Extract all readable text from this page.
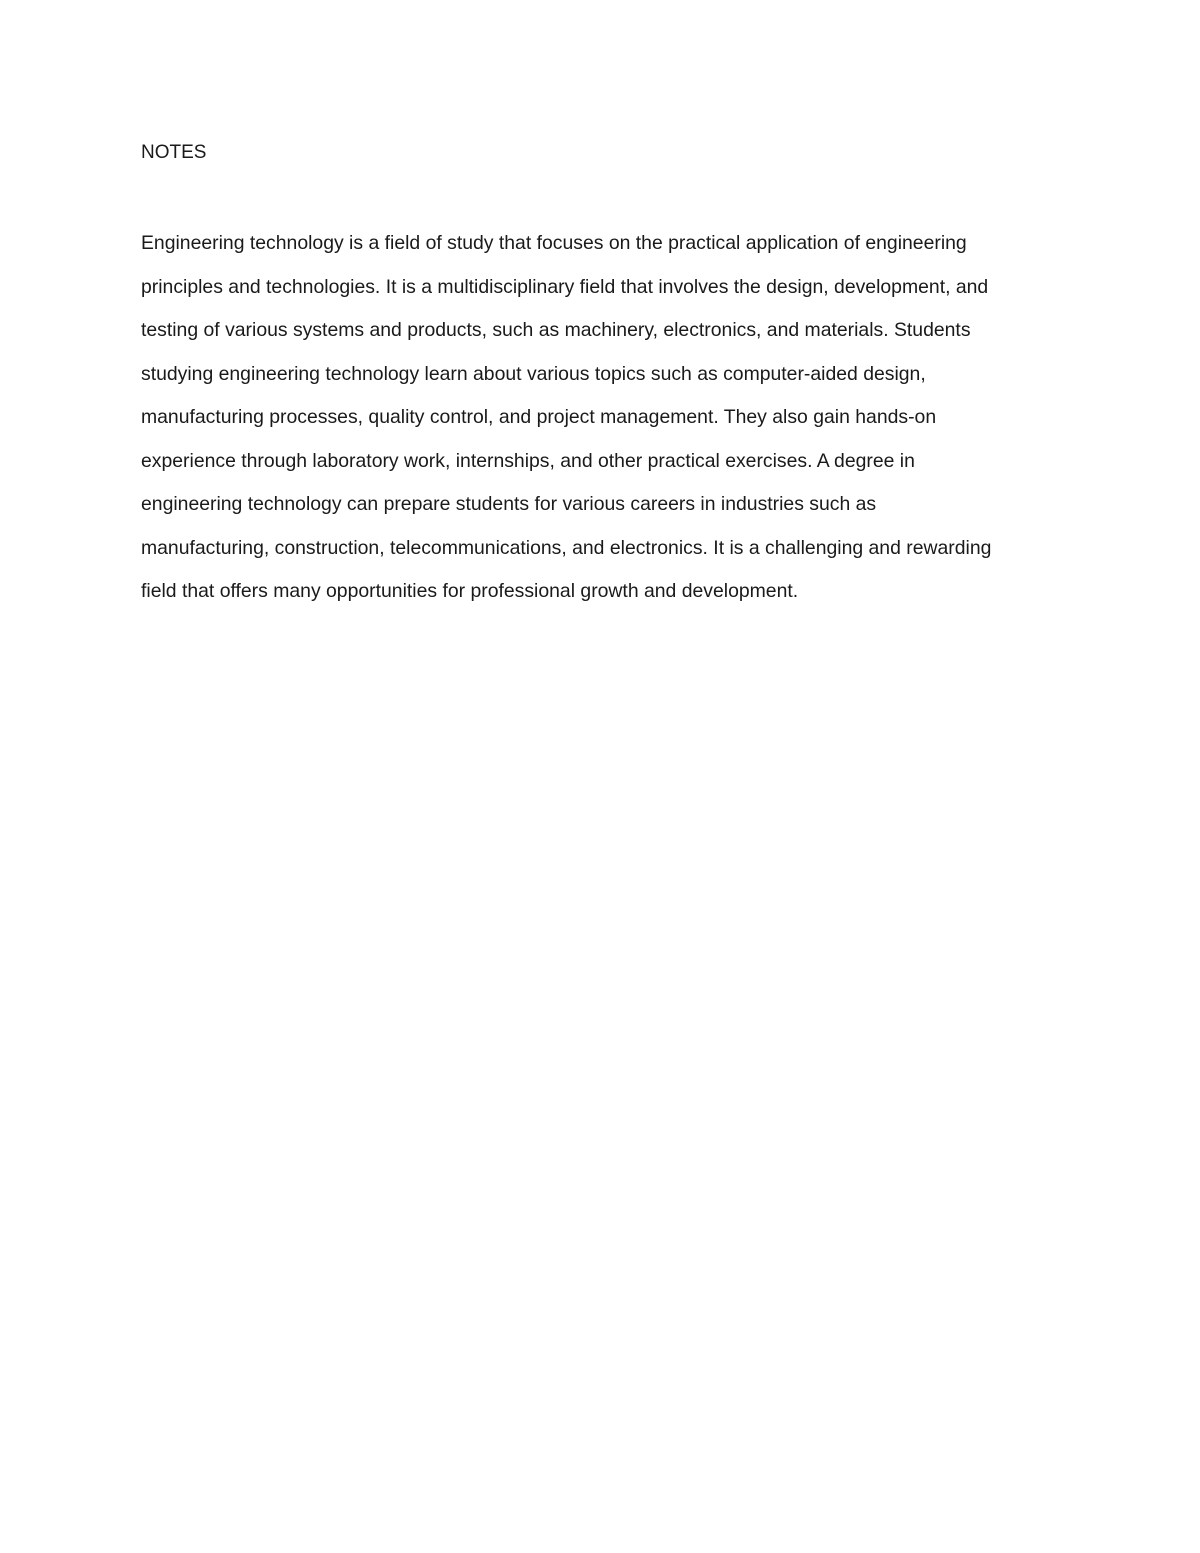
NOTES

Engineering technology is a field of study that focuses on the practical application of engineering
principles and technologies. It is a multidisciplinary field that involves the design, development, and
testing of various systems and products, such as machinery, electronics, and materials. Students
studying engineering technology learn about various topics such as computer-aided design,
manufacturing processes, quality control, and project management. They also gain hands-on
experience through laboratory work, internships, and other practical exercises. A degree in
engineering technology can prepare students for various careers in industries such as
manufacturing, construction, telecommunications, and electronics. It is a challenging and rewarding
field that offers many opportunities for professional growth and development.
